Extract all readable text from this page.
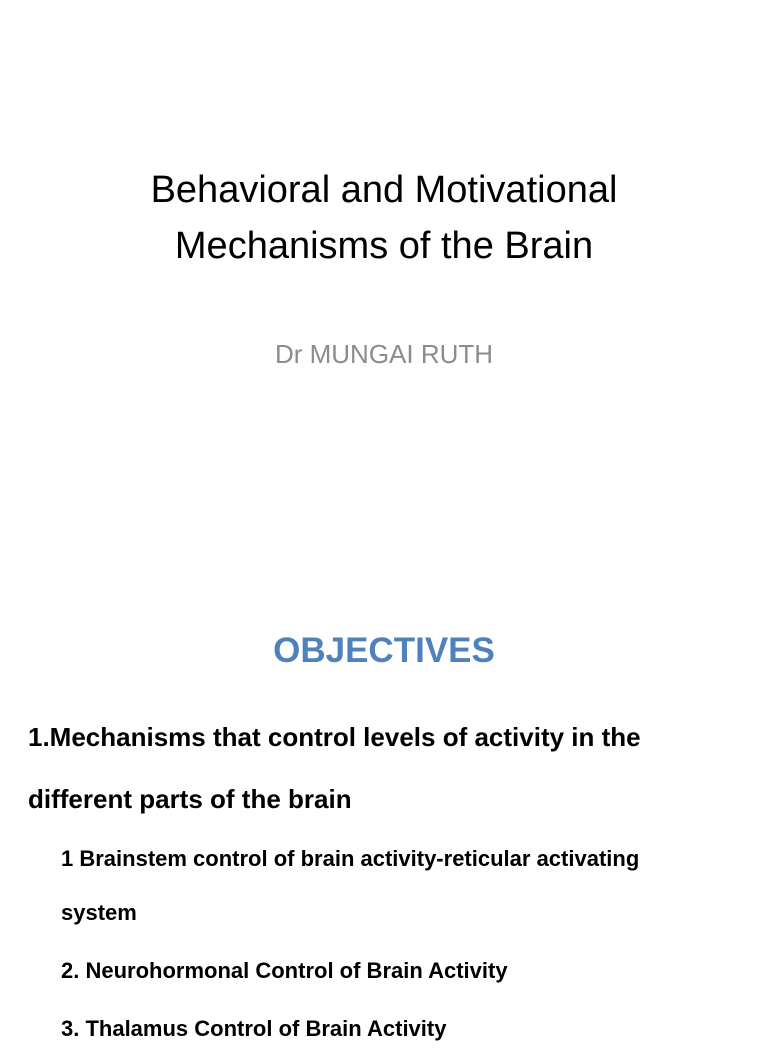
Behavioral and Motivational
Mechanisms of the Brain

Dr MUNGAI RUTH

OBJECTIVES

1.Mechanisms that control levels of activity in the different parts of the brain

1 Brainstem control of brain activity-reticular activating system
2. Neurohormonal Control of Brain Activity
3. Thalamus Control of Brain Activity
